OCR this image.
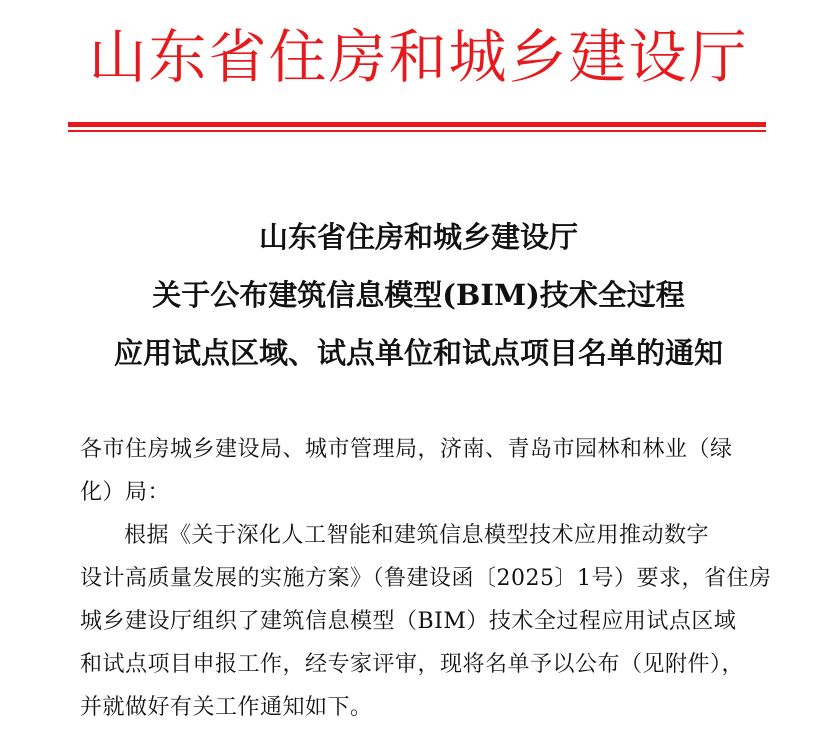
山东省住房和城乡建设厅
山东省住房和城乡建设厅
关于公布建筑信息模型(BIM)技术全过程
应用试点区域、试点单位和试点项目名单的通知

各市住房城乡建设局、城市管理局，济南、青岛市园林和林业（绿
化）局：

根据《关于深化人工智能和建筑信息模型技术应用推动数字
设计高质量发展的实施方案》（鲁建设函〔2025〕1号）要求，省住房
城乡建设厅组织了建筑信息模型（BIM）技术全过程应用试点区域
和试点项目申报工作，经专家评审，现将名单予以公布（见附件），
并就做好有关工作通知如下。
